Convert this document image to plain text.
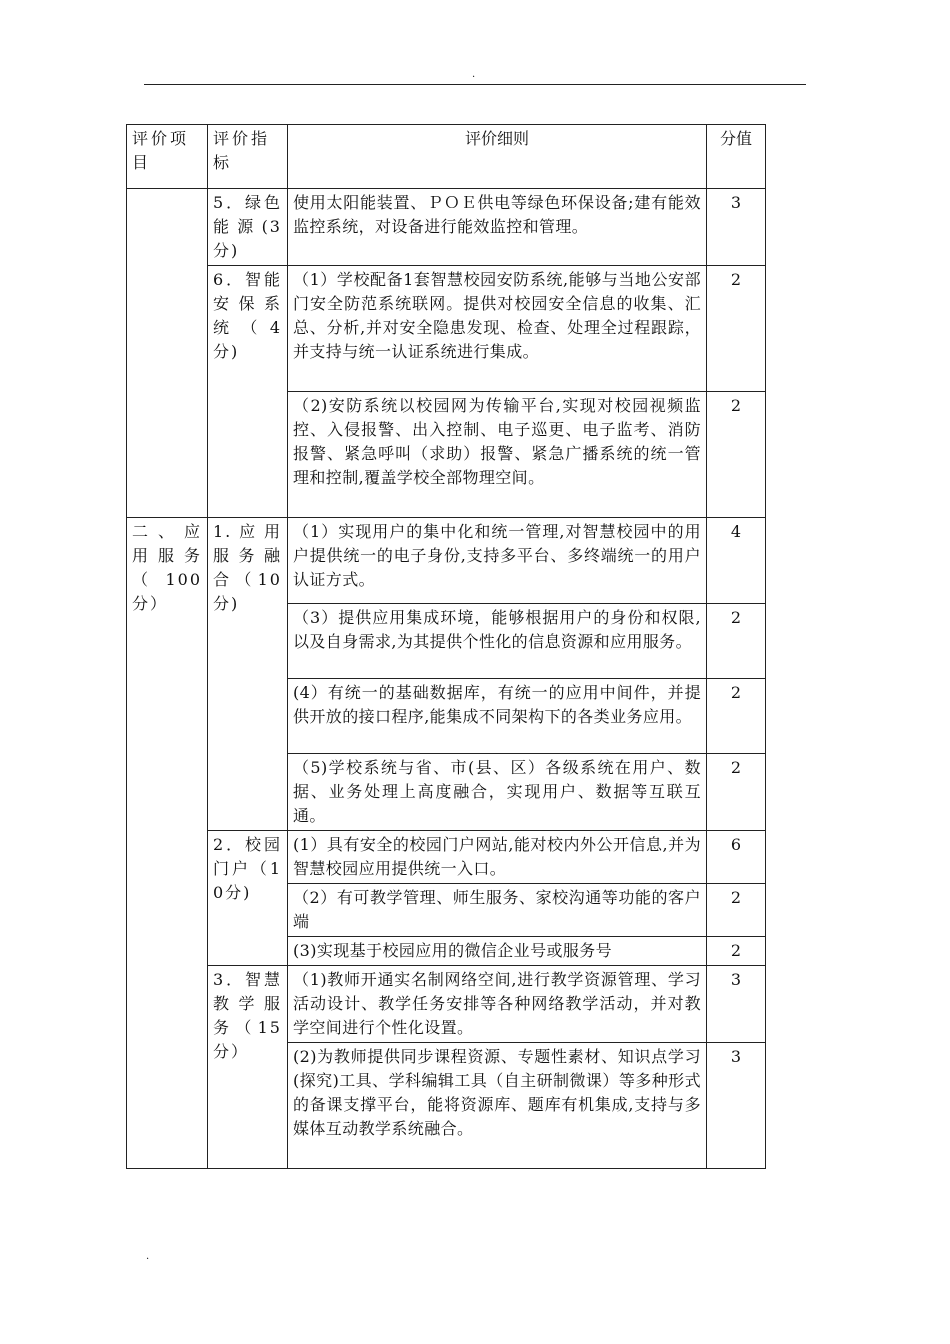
.
评价项目	评价指标	评价细则	分值
	5．绿色能源(3分)	使用太阳能装置、ＰＯＥ供电等绿色环保设备;建有能效监控系统，对设备进行能效监控和管理。	3
	6．智能安保系统（4分)	（1）学校配备1套智慧校园安防系统,能够与当地公安部门安全防范系统联网。提供对校园安全信息的收集、汇总、分析,并对安全隐患发现、检查、处理全过程跟踪，并支持与统一认证系统进行集成。	2
		（2)安防系统以校园网为传输平台,实现对校园视频监控、入侵报警、出入控制、电子巡更、电子监考、消防报警、紧急呼叫（求助）报警、紧急广播系统的统一管理和控制,覆盖学校全部物理空间。	2
二、应用服务（100分）	1.应用服务融合（10分)	（1）实现用户的集中化和统一管理,对智慧校园中的用户提供统一的电子身份,支持多平台、多终端统一的用户认证方式。	4
		（3）提供应用集成环境，能够根据用户的身份和权限,以及自身需求,为其提供个性化的信息资源和应用服务。	2
		(4）有统一的基础数据库，有统一的应用中间件，并提供开放的接口程序,能集成不同架构下的各类业务应用。	2
		（5)学校系统与省、市(县、区）各级系统在用户、数据、业务处理上高度融合，实现用户、数据等互联互通。	2
	2．校园门户（10分)	(1）具有安全的校园门户网站,能对校内外公开信息,并为智慧校园应用提供统一入口。	6
		（2）有可教学管理、师生服务、家校沟通等功能的客户端	2
		(3)实现基于校园应用的微信企业号或服务号	2
	3．智慧教学服务（15分）	（1)教师开通实名制网络空间,进行教学资源管理、学习活动设计、教学任务安排等各种网络教学活动，并对教学空间进行个性化设置。	3
		(2)为教师提供同步课程资源、专题性素材、知识点学习(探究)工具、学科编辑工具（自主研制微课）等多种形式的备课支撑平台，能将资源库、题库有机集成,支持与多媒体互动教学系统融合。	3
.
